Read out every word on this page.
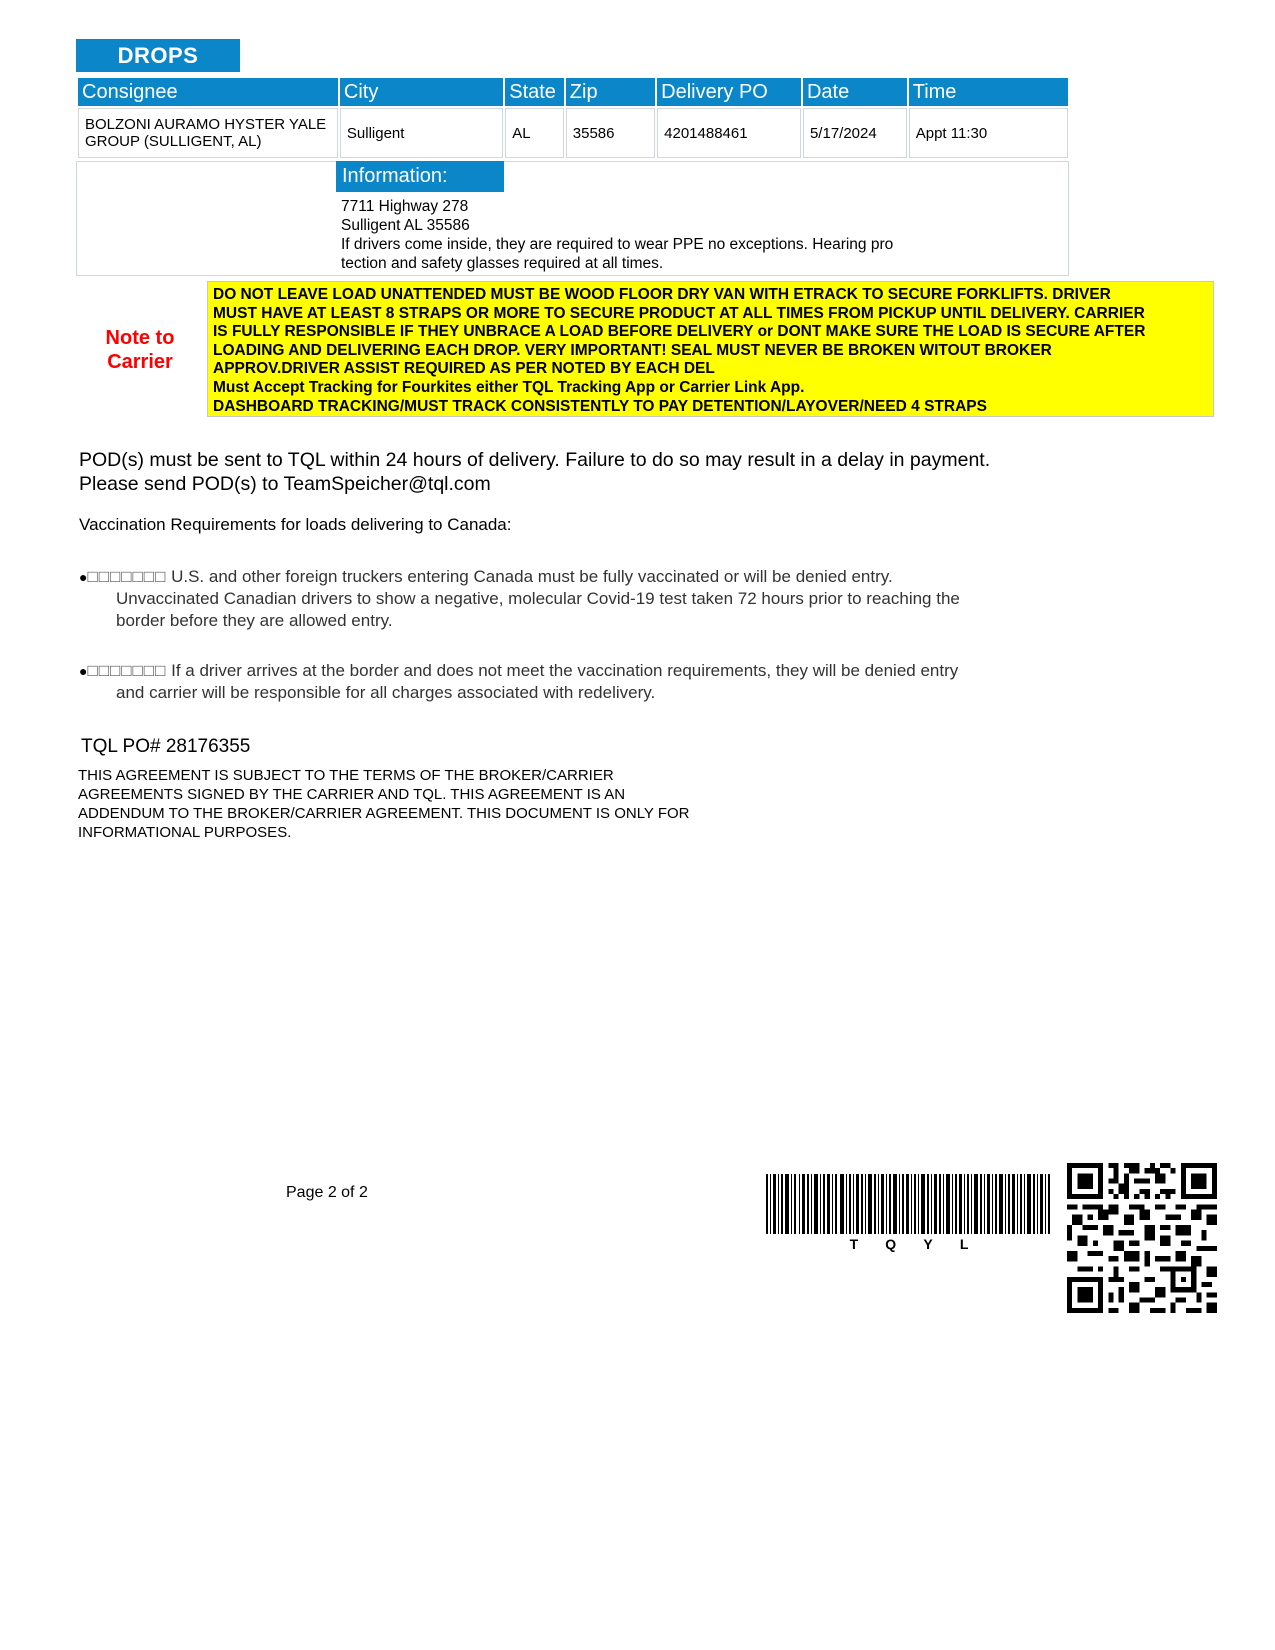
DROPS
Consignee	City	State	Zip	Delivery PO	Date	Time

BOLZONI AURAMO HYSTER YALE
GROUP (SULLIGENT, AL)	Sulligent	AL	35586	4201488461	5/17/2024	Appt 11:30
Information:
7711 Highway 278
Sulligent AL 35586
If drivers come inside, they are required to wear PPE no exceptions. Hearing pro
tection and safety glasses required at all times.
Note to
Carrier
DO NOT LEAVE LOAD UNATTENDED MUST BE WOOD FLOOR DRY VAN WITH ETRACK TO SECURE FORKLIFTS. DRIVER
MUST HAVE AT LEAST 8 STRAPS OR MORE TO SECURE PRODUCT AT ALL TIMES FROM PICKUP UNTIL DELIVERY. CARRIER
IS FULLY RESPONSIBLE IF THEY UNBRACE A LOAD BEFORE DELIVERY or DONT MAKE SURE THE LOAD IS SECURE AFTER
LOADING AND DELIVERING EACH DROP. VERY IMPORTANT! SEAL MUST NEVER BE BROKEN WITOUT BROKER
APPROV.DRIVER ASSIST REQUIRED AS PER NOTED BY EACH DEL
Must Accept Tracking for Fourkites either TQL Tracking App or Carrier Link App.
DASHBOARD TRACKING/MUST TRACK CONSISTENTLY TO PAY DETENTION/LAYOVER/NEED 4 STRAPS
POD(s) must be sent to TQL within 24 hours of delivery. Failure to do so may result in a delay in payment.
Please send POD(s) to TeamSpeicher@tql.com
Vaccination Requirements for loads delivering to Canada:
●□□□□□□□ U.S. and other foreign truckers entering Canada must be fully vaccinated or will be denied entry.
Unvaccinated Canadian drivers to show a negative, molecular Covid-19 test taken 72 hours prior to reaching the
border before they are allowed entry.
●□□□□□□□ If a driver arrives at the border and does not meet the vaccination requirements, they will be denied entry
and carrier will be responsible for all charges associated with redelivery.
TQL PO# 28176355
THIS AGREEMENT IS SUBJECT TO THE TERMS OF THE BROKER/CARRIER
AGREEMENTS SIGNED BY THE CARRIER AND TQL. THIS AGREEMENT IS AN
ADDENDUM TO THE BROKER/CARRIER AGREEMENT. THIS DOCUMENT IS ONLY FOR
INFORMATIONAL PURPOSES.
Page 2 of 2
T Q Y L
